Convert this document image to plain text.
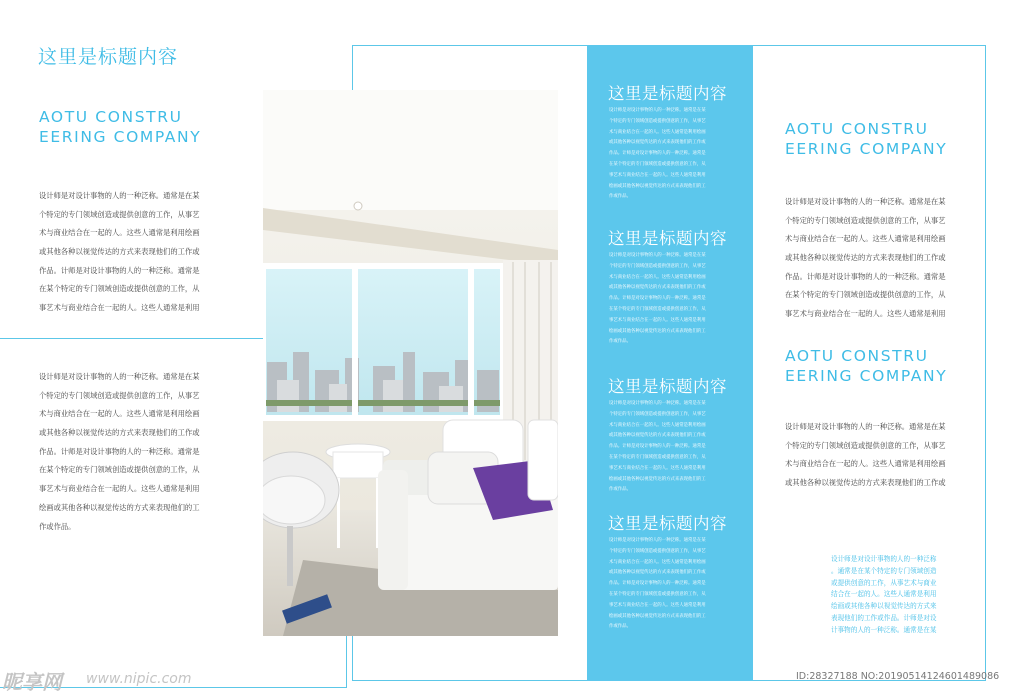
这里是标题内容
AOTU CONSTRU
EERING COMPANY
设计师是对设计事物的人的一种泛称。通常是在某
个特定的专门领域创造或提供创意的工作，从事艺
术与商业结合在一起的人。这些人通常是利用绘画
或其他各种以视觉传达的方式来表现他们的工作或
作品。计师是对设计事物的人的一种泛称。通常是
在某个特定的专门领域创造或提供创意的工作，从
事艺术与商业结合在一起的人。这些人通常是利用
设计师是对设计事物的人的一种泛称。通常是在某
个特定的专门领域创造或提供创意的工作，从事艺
术与商业结合在一起的人。这些人通常是利用绘画
或其他各种以视觉传达的方式来表现他们的工作或
作品。计师是对设计事物的人的一种泛称。通常是
在某个特定的专门领域创造或提供创意的工作，从
事艺术与商业结合在一起的人。这些人通常是利用
绘画或其他各种以视觉传达的方式来表现他们的工
作或作品。
这里是标题内容
设计师是对设计事物的人的一种泛称。通常是在某
个特定的专门领域创造或提供创意的工作，从事艺
术与商业结合在一起的人。这些人通常是利用绘画
或其他各种以视觉传达的方式来表现他们的工作或
作品。计师是对设计事物的人的一种泛称。通常是
在某个特定的专门领域创造或提供创意的工作，从
事艺术与商业结合在一起的人。这些人通常是利用
绘画或其他各种以视觉传达的方式来表现他们的工
作或作品。
这里是标题内容
设计师是对设计事物的人的一种泛称。通常是在某
个特定的专门领域创造或提供创意的工作，从事艺
术与商业结合在一起的人。这些人通常是利用绘画
或其他各种以视觉传达的方式来表现他们的工作或
作品。计师是对设计事物的人的一种泛称。通常是
在某个特定的专门领域创造或提供创意的工作，从
事艺术与商业结合在一起的人。这些人通常是利用
绘画或其他各种以视觉传达的方式来表现他们的工
作或作品。
这里是标题内容
设计师是对设计事物的人的一种泛称。通常是在某
个特定的专门领域创造或提供创意的工作，从事艺
术与商业结合在一起的人。这些人通常是利用绘画
或其他各种以视觉传达的方式来表现他们的工作或
作品。计师是对设计事物的人的一种泛称。通常是
在某个特定的专门领域创造或提供创意的工作，从
事艺术与商业结合在一起的人。这些人通常是利用
绘画或其他各种以视觉传达的方式来表现他们的工
作或作品。
这里是标题内容
设计师是对设计事物的人的一种泛称。通常是在某
个特定的专门领域创造或提供创意的工作，从事艺
术与商业结合在一起的人。这些人通常是利用绘画
或其他各种以视觉传达的方式来表现他们的工作或
作品。计师是对设计事物的人的一种泛称。通常是
在某个特定的专门领域创造或提供创意的工作，从
事艺术与商业结合在一起的人。这些人通常是利用
绘画或其他各种以视觉传达的方式来表现他们的工
作或作品。
AOTU CONSTRU
EERING COMPANY
设计师是对设计事物的人的一种泛称。通常是在某
个特定的专门领域创造或提供创意的工作，从事艺
术与商业结合在一起的人。这些人通常是利用绘画
或其他各种以视觉传达的方式来表现他们的工作或
作品。计师是对设计事物的人的一种泛称。通常是
在某个特定的专门领域创造或提供创意的工作，从
事艺术与商业结合在一起的人。这些人通常是利用
AOTU CONSTRU
EERING COMPANY
设计师是对设计事物的人的一种泛称。通常是在某
个特定的专门领域创造或提供创意的工作，从事艺
术与商业结合在一起的人。这些人通常是利用绘画
或其他各种以视觉传达的方式来表现他们的工作或
设计师是对设计事物的人的一种泛称
。通常是在某个特定的专门领域创造
或提供创意的工作，从事艺术与商业
结合在一起的人。这些人通常是利用
绘画或其他各种以视觉传达的方式来
表现他们的工作或作品。计师是对设
计事物的人的一种泛称。通常是在某
昵享网 www.nipic.com	ID:28327188 NO:20190514124601489086
